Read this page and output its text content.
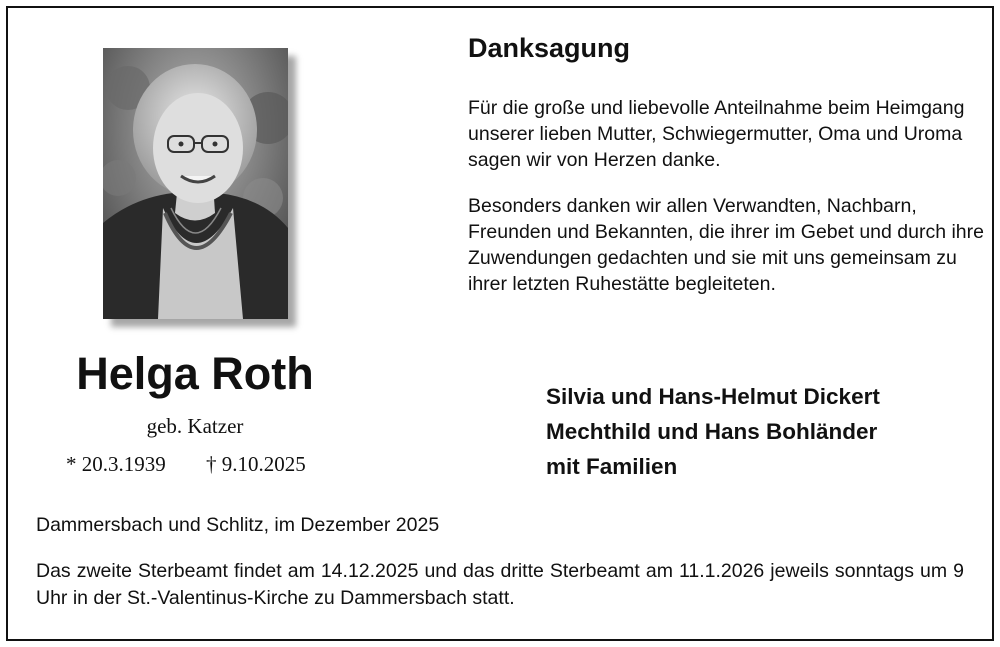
Danksagung
Für die große und liebevolle Anteilnahme beim Heimgang unserer lieben Mutter, Schwiegermutter, Oma und Uroma sagen wir von Herzen danke.
Besonders danken wir allen Verwandten, Nachbarn, Freunden und Bekannten, die ihrer im Gebet und durch ihre Zuwendungen gedachten und sie mit uns gemeinsam zu ihrer letzten Ruhestätte begleiteten.
Helga Roth
geb. Katzer
* 20.3.1939 † 9.10.2025
Silvia und Hans-Helmut Dickert
Mechthild und Hans Bohländer
mit Familien
Dammersbach und Schlitz, im Dezember 2025
Das zweite Sterbeamt findet am 14.12.2025 und das dritte Sterbeamt am 11.1.2026 jeweils sonntags um 9 Uhr in der St.-Valentinus-Kirche zu Dammersbach statt.
